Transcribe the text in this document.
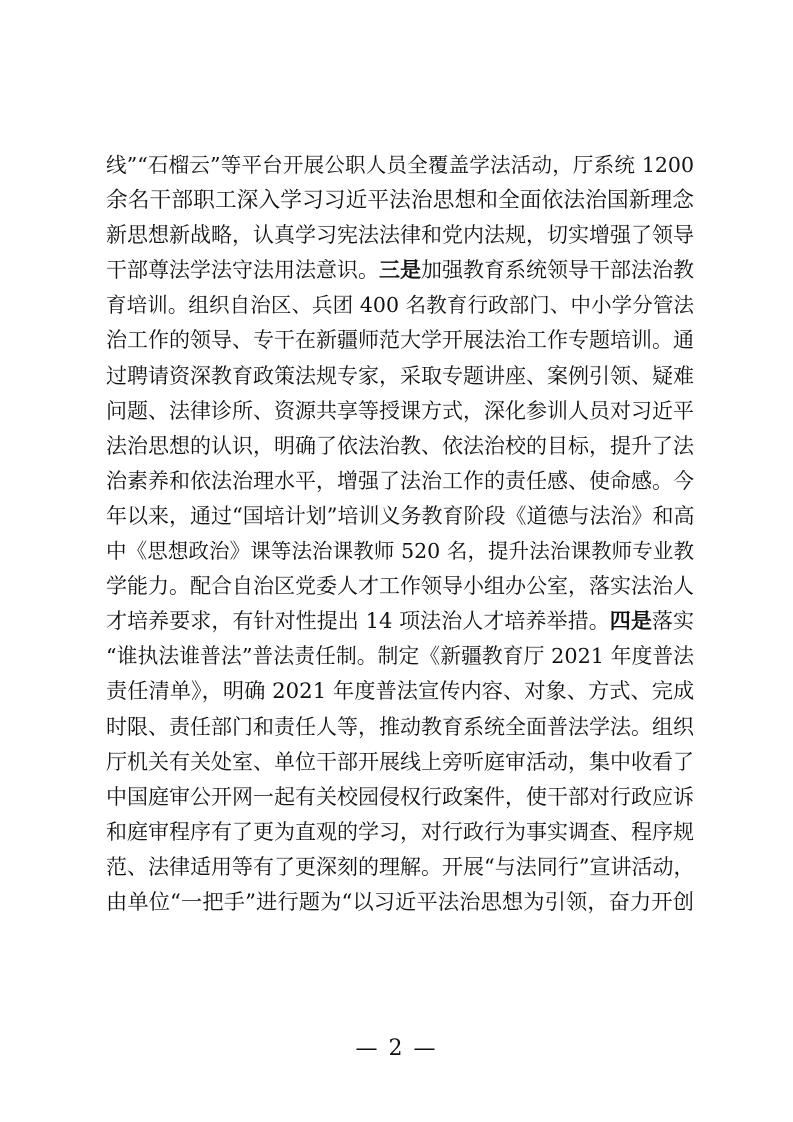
线”“石榴云”等平台开展公职人员全覆盖学法活动，厅系统 1200
余名干部职工深入学习习近平法治思想和全面依法治国新理念
新思想新战略，认真学习宪法法律和党内法规，切实增强了领导
干部尊法学法守法用法意识。三是加强教育系统领导干部法治教
育培训。组织自治区、兵团 400 名教育行政部门、中小学分管法
治工作的领导、专干在新疆师范大学开展法治工作专题培训。通
过聘请资深教育政策法规专家，采取专题讲座、案例引领、疑难
问题、法律诊所、资源共享等授课方式，深化参训人员对习近平
法治思想的认识，明确了依法治教、依法治校的目标，提升了法
治素养和依法治理水平，增强了法治工作的责任感、使命感。今
年以来，通过“国培计划”培训义务教育阶段《道德与法治》和高
中《思想政治》课等法治课教师 520 名，提升法治课教师专业教
学能力。配合自治区党委人才工作领导小组办公室，落实法治人
才培养要求，有针对性提出 14 项法治人才培养举措。四是落实
“谁执法谁普法”普法责任制。制定《新疆教育厅 2021 年度普法
责任清单》，明确 2021 年度普法宣传内容、对象、方式、完成
时限、责任部门和责任人等，推动教育系统全面普法学法。组织
厅机关有关处室、单位干部开展线上旁听庭审活动，集中收看了
中国庭审公开网一起有关校园侵权行政案件，使干部对行政应诉
和庭审程序有了更为直观的学习，对行政行为事实调查、程序规
范、法律适用等有了更深刻的理解。开展“与法同行”宣讲活动，
由单位“一把手”进行题为“以习近平法治思想为引领，奋力开创
— 2 —
